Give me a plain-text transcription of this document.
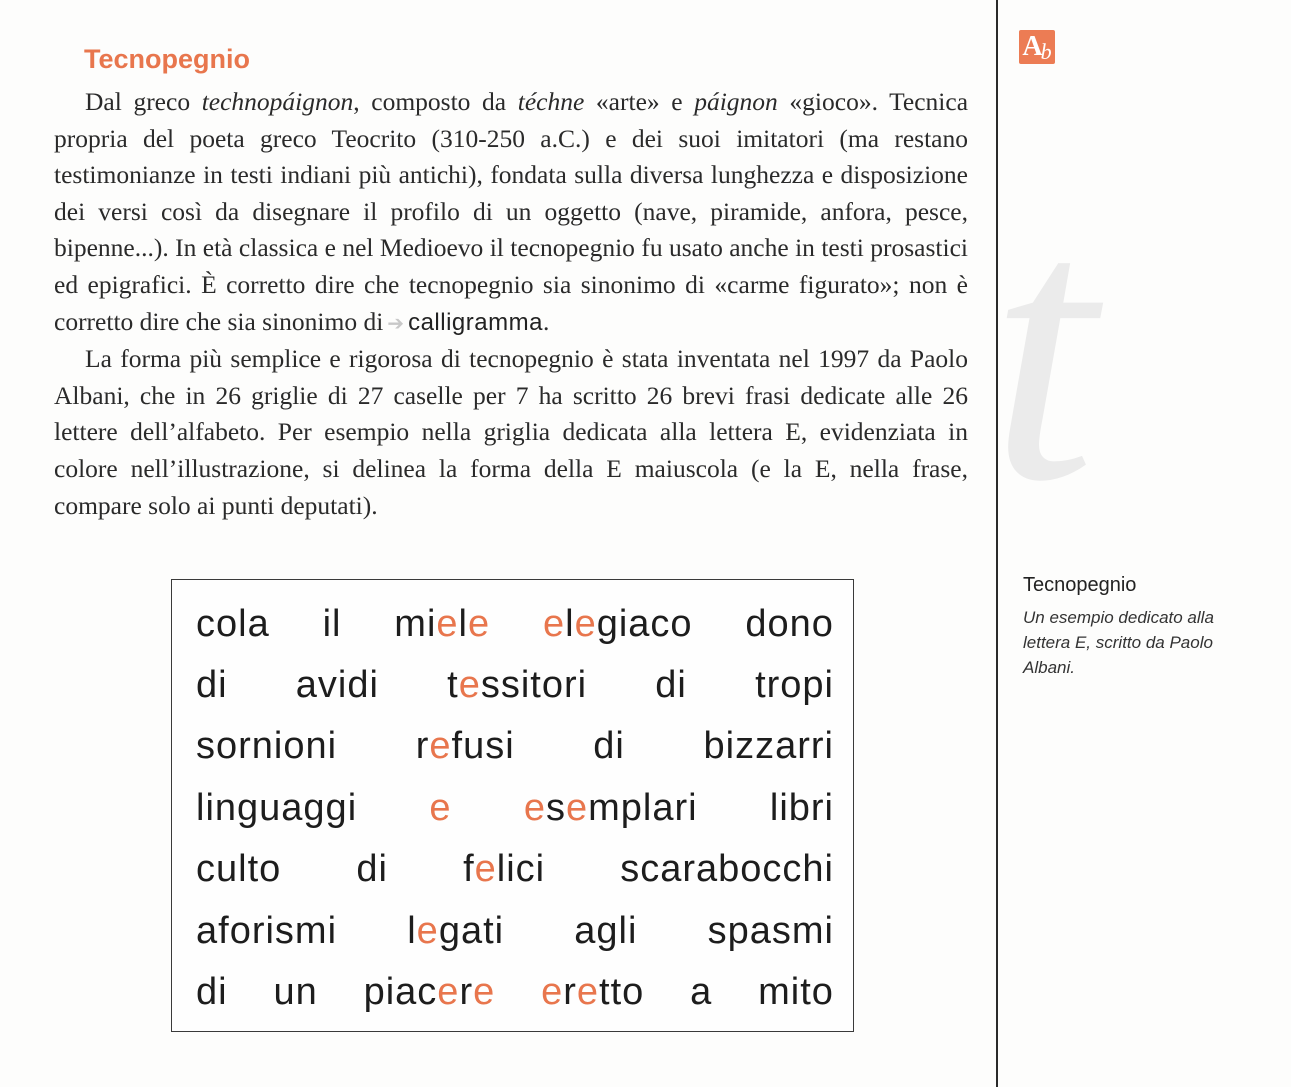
A
b
t
Tecnopegnio

Dal greco technopáignon, composto da téchne «arte» e páignon «gioco». Tecnica propria del poeta greco Teocrito (310-250 a.C.) e dei suoi imitatori (ma restano testimonianze in testi indiani più antichi), fondata sulla diversa lunghezza e disposizione dei versi così da disegnare il profilo di un oggetto (nave, piramide, anfora, pesce, bipenne...). In età classica e nel Medioevo il tecnopegnio fu usato anche in testi prosastici ed epigrafici. È corretto dire che tecnopegnio sia sinonimo di «carme figurato»; non è corretto dire che sia sinonimo di ➔ calligramma.

La forma più semplice e rigorosa di tecnopegnio è stata inventata nel 1997 da Paolo Albani, che in 26 griglie di 27 caselle per 7 ha scritto 26 brevi frasi dedicate alle 26 lettere dell’alfabeto. Per esempio nella griglia dedicata alla lettera E, evidenziata in colore nell’illustrazione, si delinea la forma della E maiuscola (e la E, nella frase, compare solo ai punti deputati).

cola il miele elegiaco dono
di avidi tessitori di tropi
sornioni refusi di bizzarri
linguaggi e esemplari libri
culto di felici scarabocchi
aforismi legati agli spasmi
di un piacere eretto a mito

Tecnopegnio

Un esempio dedicato alla lettera E, scritto da Paolo Albani.
